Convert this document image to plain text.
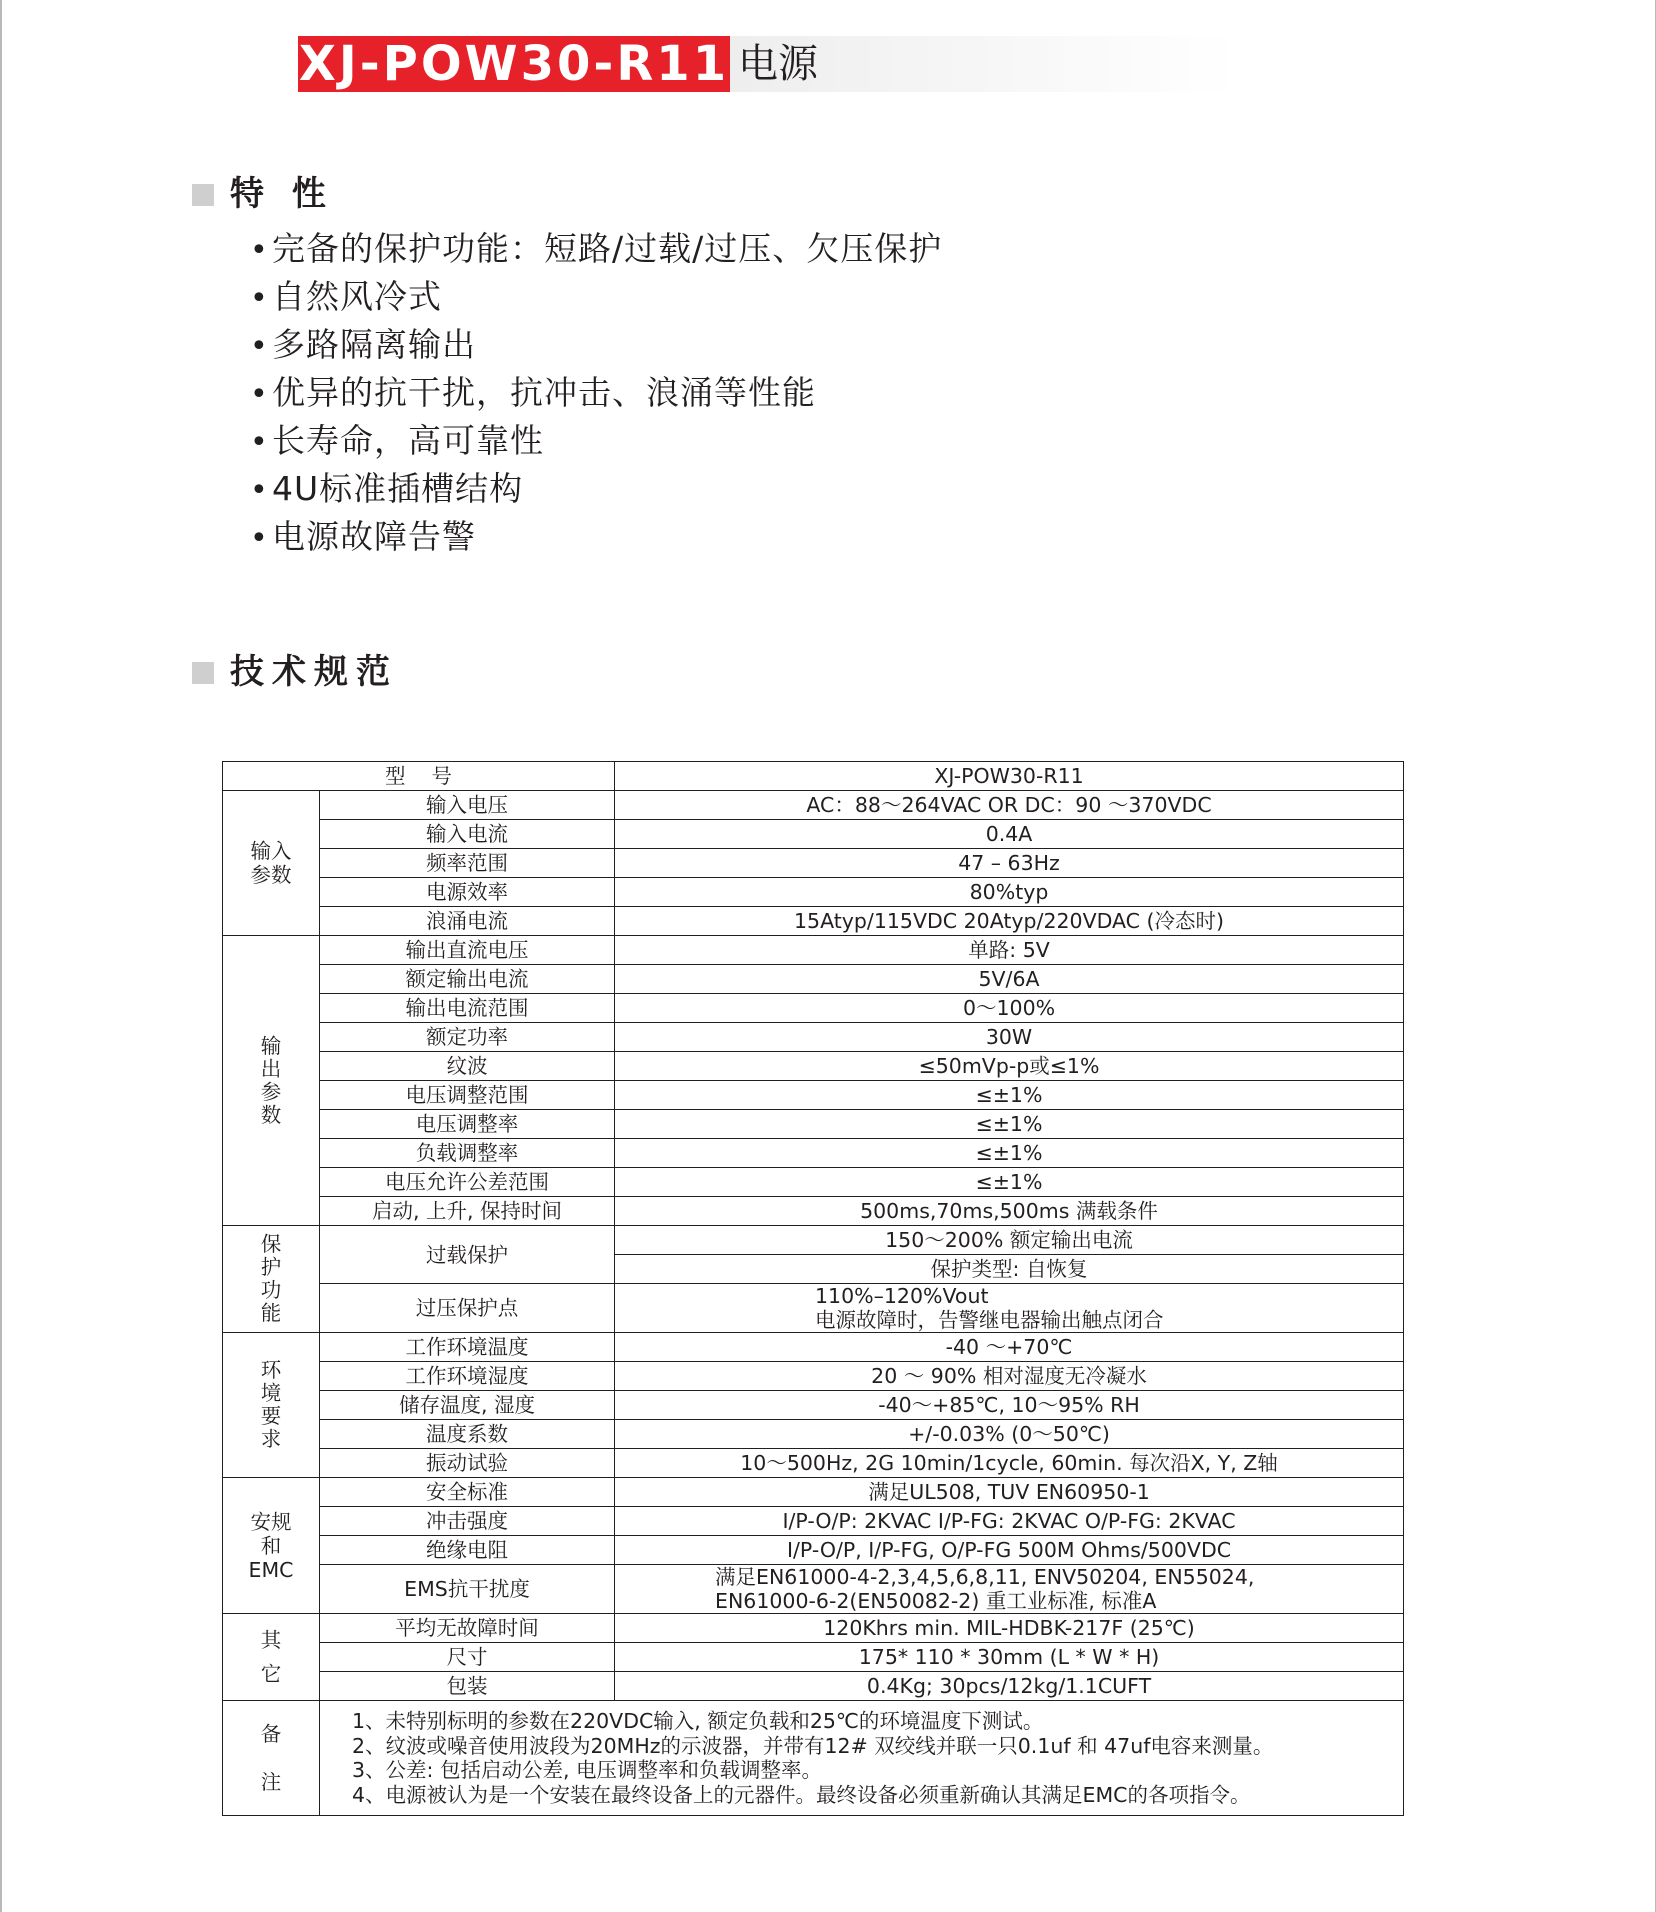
XJ-POW30-R11 电源
特 性
•完备的保护功能：短路/过载/过压、欠压保护
•自然风冷式
•多路隔离输出
•优异的抗干扰，抗冲击、浪涌等性能
•长寿命，高可靠性
•4U标准插槽结构
•电源故障告警
技术规范
型    号		XJ-POW30-R11

输入参数	输入电压	AC：88～264VAC OR DC：90 ～370VDC
	输入电流	0.4A
	频率范围	47 – 63Hz
	电源效率	80%typ
	浪涌电流	15Atyp/115VDC 20Atyp/220VDAC (冷态时)

输出参数	输出直流电压	单路: 5V
	额定输出电流	5V/6A
	输出电流范围	0～100%
	额定功率	30W
	纹波	≤50mVp-p或≤1%
	电压调整范围	≤±1%
	电压调整率	≤±1%
	负载调整率	≤±1%
	电压允许公差范围	≤±1%
	启动, 上升, 保持时间	500ms,70ms,500ms 满载条件

保护功能	过载保护	150～200% 额定输出电流
		保护类型: 自恢复
	过压保护点	110%–120%Vout
电源故障时，告警继电器输出触点闭合

环境要求	工作环境温度	-40 ～+70℃
	工作环境湿度	20 ～ 90% 相对湿度无冷凝水
	储存温度, 湿度	-40～+85℃, 10～95% RH
	温度系数	+/-0.03% (0～50℃)
	振动试验	10～500Hz, 2G 10min/1cycle, 60min. 每次沿X, Y, Z轴

安规和EMC	安全标准	满足UL508, TUV EN60950-1
	冲击强度	I/P-O/P: 2KVAC I/P-FG: 2KVAC O/P-FG: 2KVAC
	绝缘电阻	I/P-O/P, I/P-FG, O/P-FG 500M Ohms/500VDC
	EMS抗干扰度	满足EN61000-4-2,3,4,5,6,8,11, ENV50204, EN55024,
EN61000-6-2(EN50082-2) 重工业标准, 标准A

其它	平均无故障时间	120Khrs min. MIL-HDBK-217F (25℃)
	尺寸	175* 110 * 30mm (L * W * H)
	包装	0.4Kg; 30pcs/12kg/1.1CUFT

备注	1、未特别标明的参数在220VDC输入, 额定负载和25℃的环境温度下测试。
2、纹波或噪音使用波段为20MHz的示波器，并带有12# 双绞线并联一只0.1uf 和 47uf电容来测量。
3、公差: 包括启动公差, 电压调整率和负载调整率。
4、电源被认为是一个安装在最终设备上的元器件。最终设备必须重新确认其满足EMC的各项指令。	
